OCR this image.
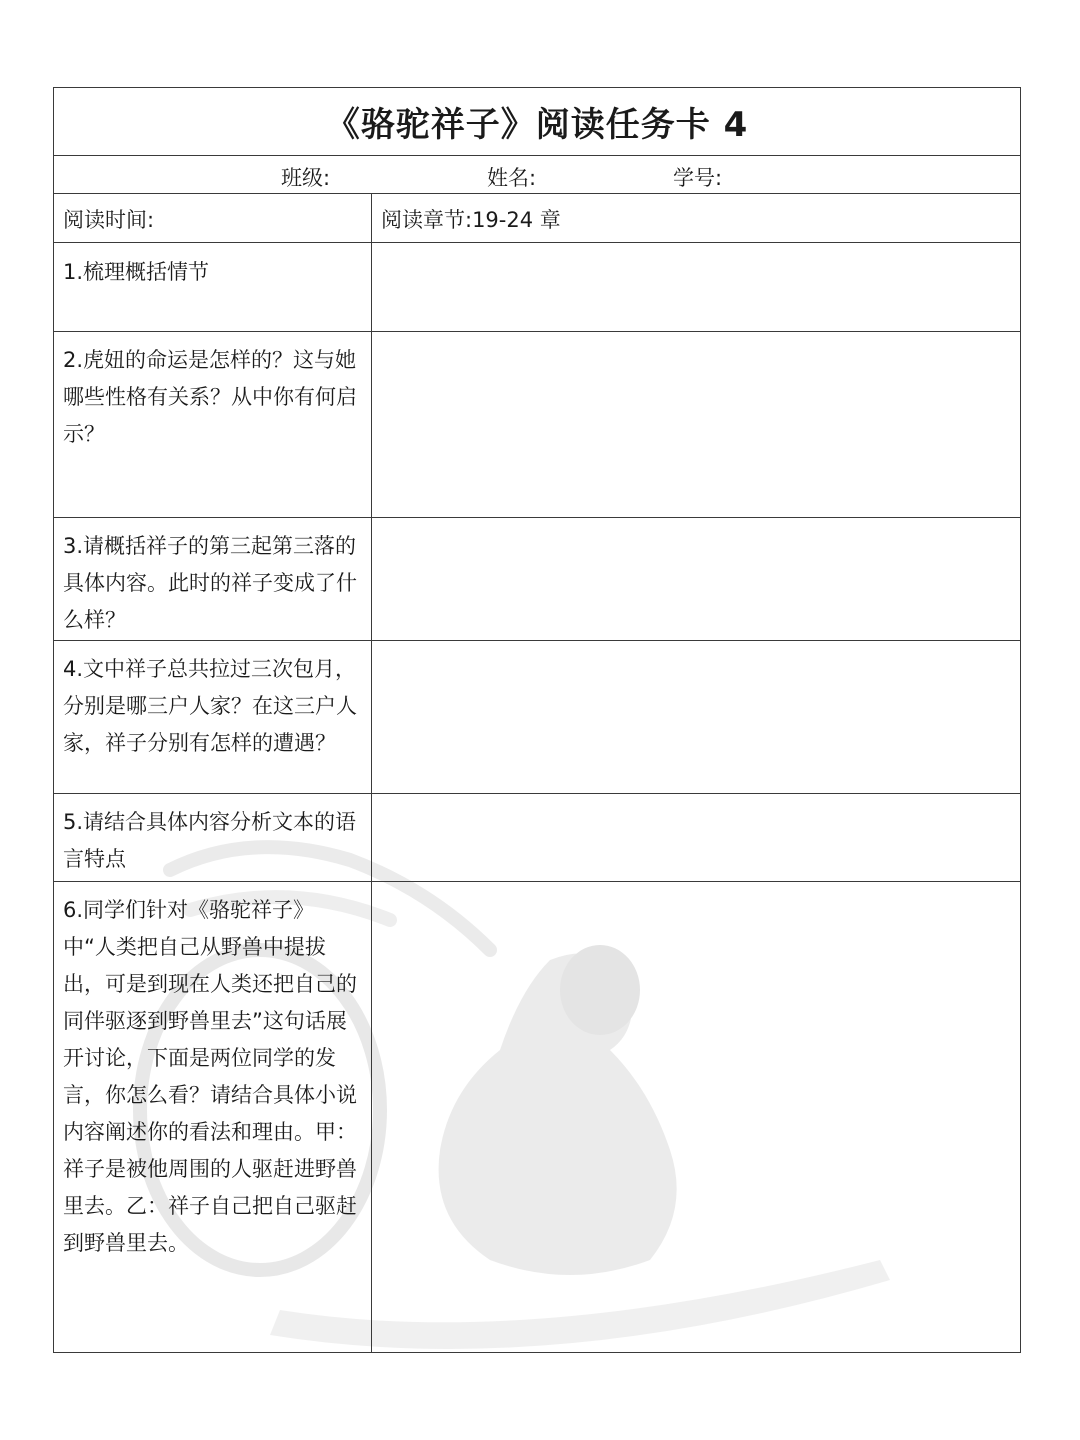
《骆驼祥子》阅读任务卡 4
班级:	姓名:	学号:
阅读时间:	阅读章节:19-24 章
1.梳理概括情节
2.虎妞的命运是怎样的？这与她哪些性格有关系？从中你有何启示？
3.请概括祥子的第三起第三落的具体内容。此时的祥子变成了什么样？
4.文中祥子总共拉过三次包月，分别是哪三户人家？在这三户人家，祥子分别有怎样的遭遇？
5.请结合具体内容分析文本的语言特点
6.同学们针对《骆驼祥子》中“人类把自己从野兽中提拔出，可是到现在人类还把自己的同伴驱逐到野兽里去”这句话展开讨论，下面是两位同学的发言，你怎么看？请结合具体小说内容阐述你的看法和理由。甲：祥子是被他周围的人驱赶进野兽里去。乙：祥子自己把自己驱赶到野兽里去。
